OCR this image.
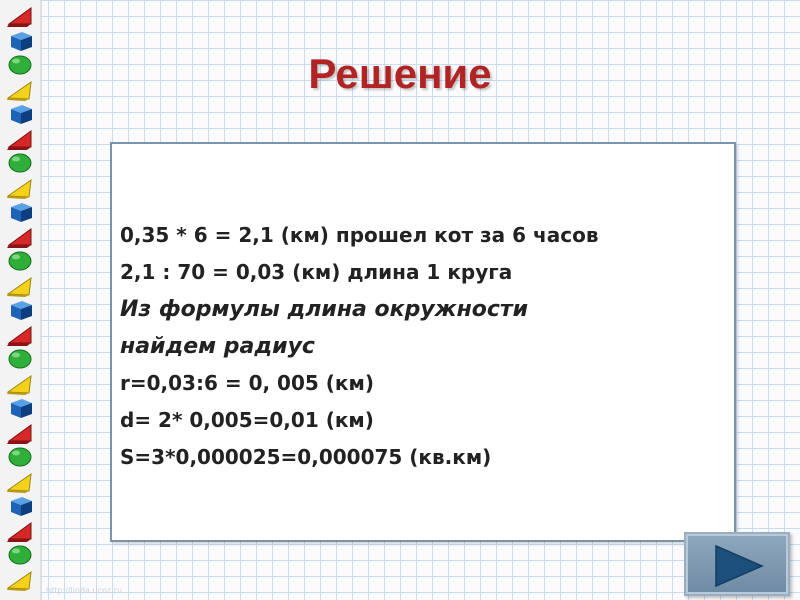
Решение
0,35 * 6 = 2,1 (км) прошел кот за 6 часов
2,1 : 70 = 0,03 (км) длина 1 круга
Из формулы длина окружности
найдем радиус
r=0,03:6 = 0, 005 (км)
d= 2* 0,005=0,01 (км)
S=3*0,000025=0,000075 (кв.км)
http://linda.ucoz.ru
